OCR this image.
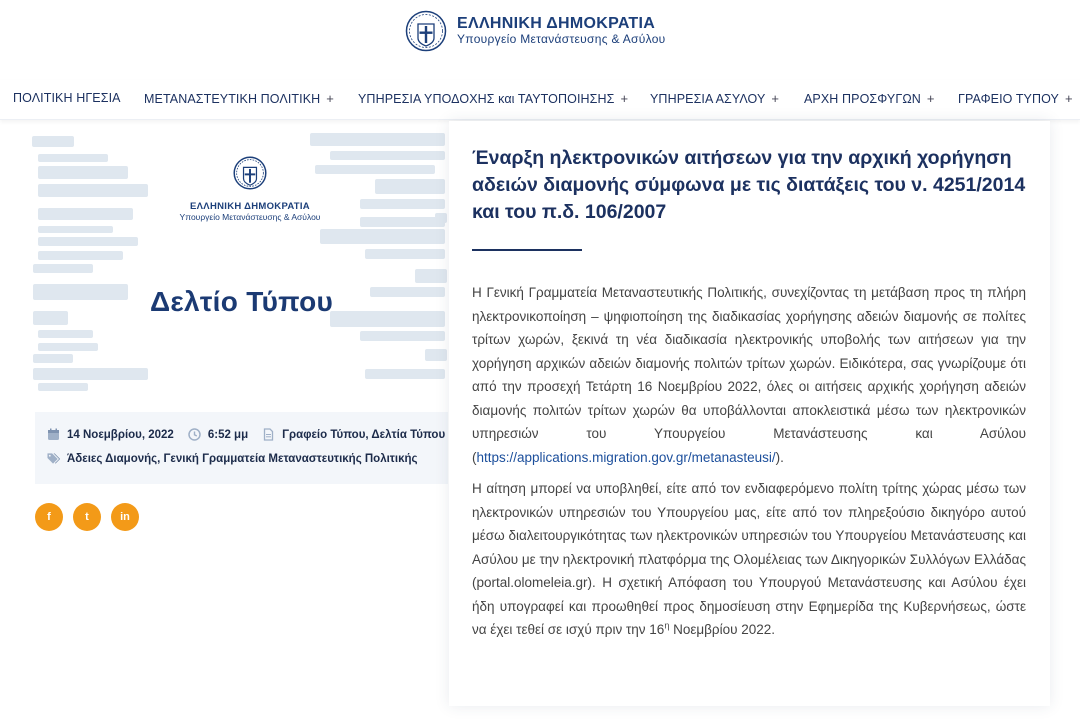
ΕΛΛΗΝΙΚΗ ΔΗΜΟΚΡΑΤΙΑ
Υπουργείο Μετανάστευσης & Ασύλου
ΠΟΛΙΤΙΚΗ ΗΓΕΣΙΑ ΜΕΤΑΝΑΣΤΕΥΤΙΚΗ ΠΟΛΙΤΙΚΗ + ΥΠΗΡΕΣΙΑ ΥΠΟΔΟΧΗΣ και ΤΑΥΤΟΠΟΙΗΣΗΣ + ΥΠΗΡΕΣΙΑ ΑΣΥΛΟΥ + ΑΡΧΗ ΠΡΟΣΦΥΓΩΝ + ΓΡΑΦΕΙΟ ΤΥΠΟΥ +
ΕΛΛΗΝΙΚΗ ΔΗΜΟΚΡΑΤΙΑ
Υπουργείο Μετανάστευσης & Ασύλου
Δελτίο Τύπου
14 Νοεμβρίου, 2022	6:52 μμ	Γραφείο Τύπου, Δελτία Τύπου
Άδειες Διαμονής, Γενική Γραμματεία Μεταναστευτικής Πολιτικής
f	t	in
Έναρξη ηλεκτρονικών αιτήσεων για την αρχική χορήγηση αδειών διαμονής σύμφωνα με τις διατάξεις του ν. 4251/2014 και του π.δ. 106/2007

Η Γενική Γραμματεία Μεταναστευτικής Πολιτικής, συνεχίζοντας τη μετάβαση προς τη πλήρη ηλεκτρονικοποίηση – ψηφιοποίηση της διαδικασίας χορήγησης αδειών διαμονής σε πολίτες τρίτων χωρών, ξεκινά τη νέα διαδικασία ηλεκτρονικής υποβολής των αιτήσεων για την χορήγηση αρχικών αδειών διαμονής πολιτών τρίτων χωρών. Ειδικότερα, σας γνωρίζουμε ότι από την προσεχή Τετάρτη 16 Νοεμβρίου 2022, όλες οι αιτήσεις αρχικής χορήγηση αδειών διαμονής πολιτών τρίτων χωρών θα υποβάλλονται αποκλειστικά μέσω των ηλεκτρονικών υπηρεσιών του Υπουργείου Μετανάστευσης και Ασύλου (https://applications.migration.gov.gr/metanasteusi/).

Η αίτηση μπορεί να υποβληθεί, είτε από τον ενδιαφερόμενο πολίτη τρίτης χώρας μέσω των ηλεκτρονικών υπηρεσιών του Υπουργείου μας, είτε από τον πληρεξούσιο δικηγόρο αυτού μέσω διαλειτουργικότητας των ηλεκτρονικών υπηρεσιών του Υπουργείου Μετανάστευσης και Ασύλου με την ηλεκτρονική πλατφόρμα της Ολομέλειας των Δικηγορικών Συλλόγων Ελλάδας (portal.olomeleia.gr). Η σχετική Απόφαση του Υπουργού Μετανάστευσης και Ασύλου έχει ήδη υπογραφεί και προωθηθεί προς δημοσίευση στην Εφημερίδα της Κυβερνήσεως, ώστε να έχει τεθεί σε ισχύ πριν την $16^\eta$ Νοεμβρίου 2022.
